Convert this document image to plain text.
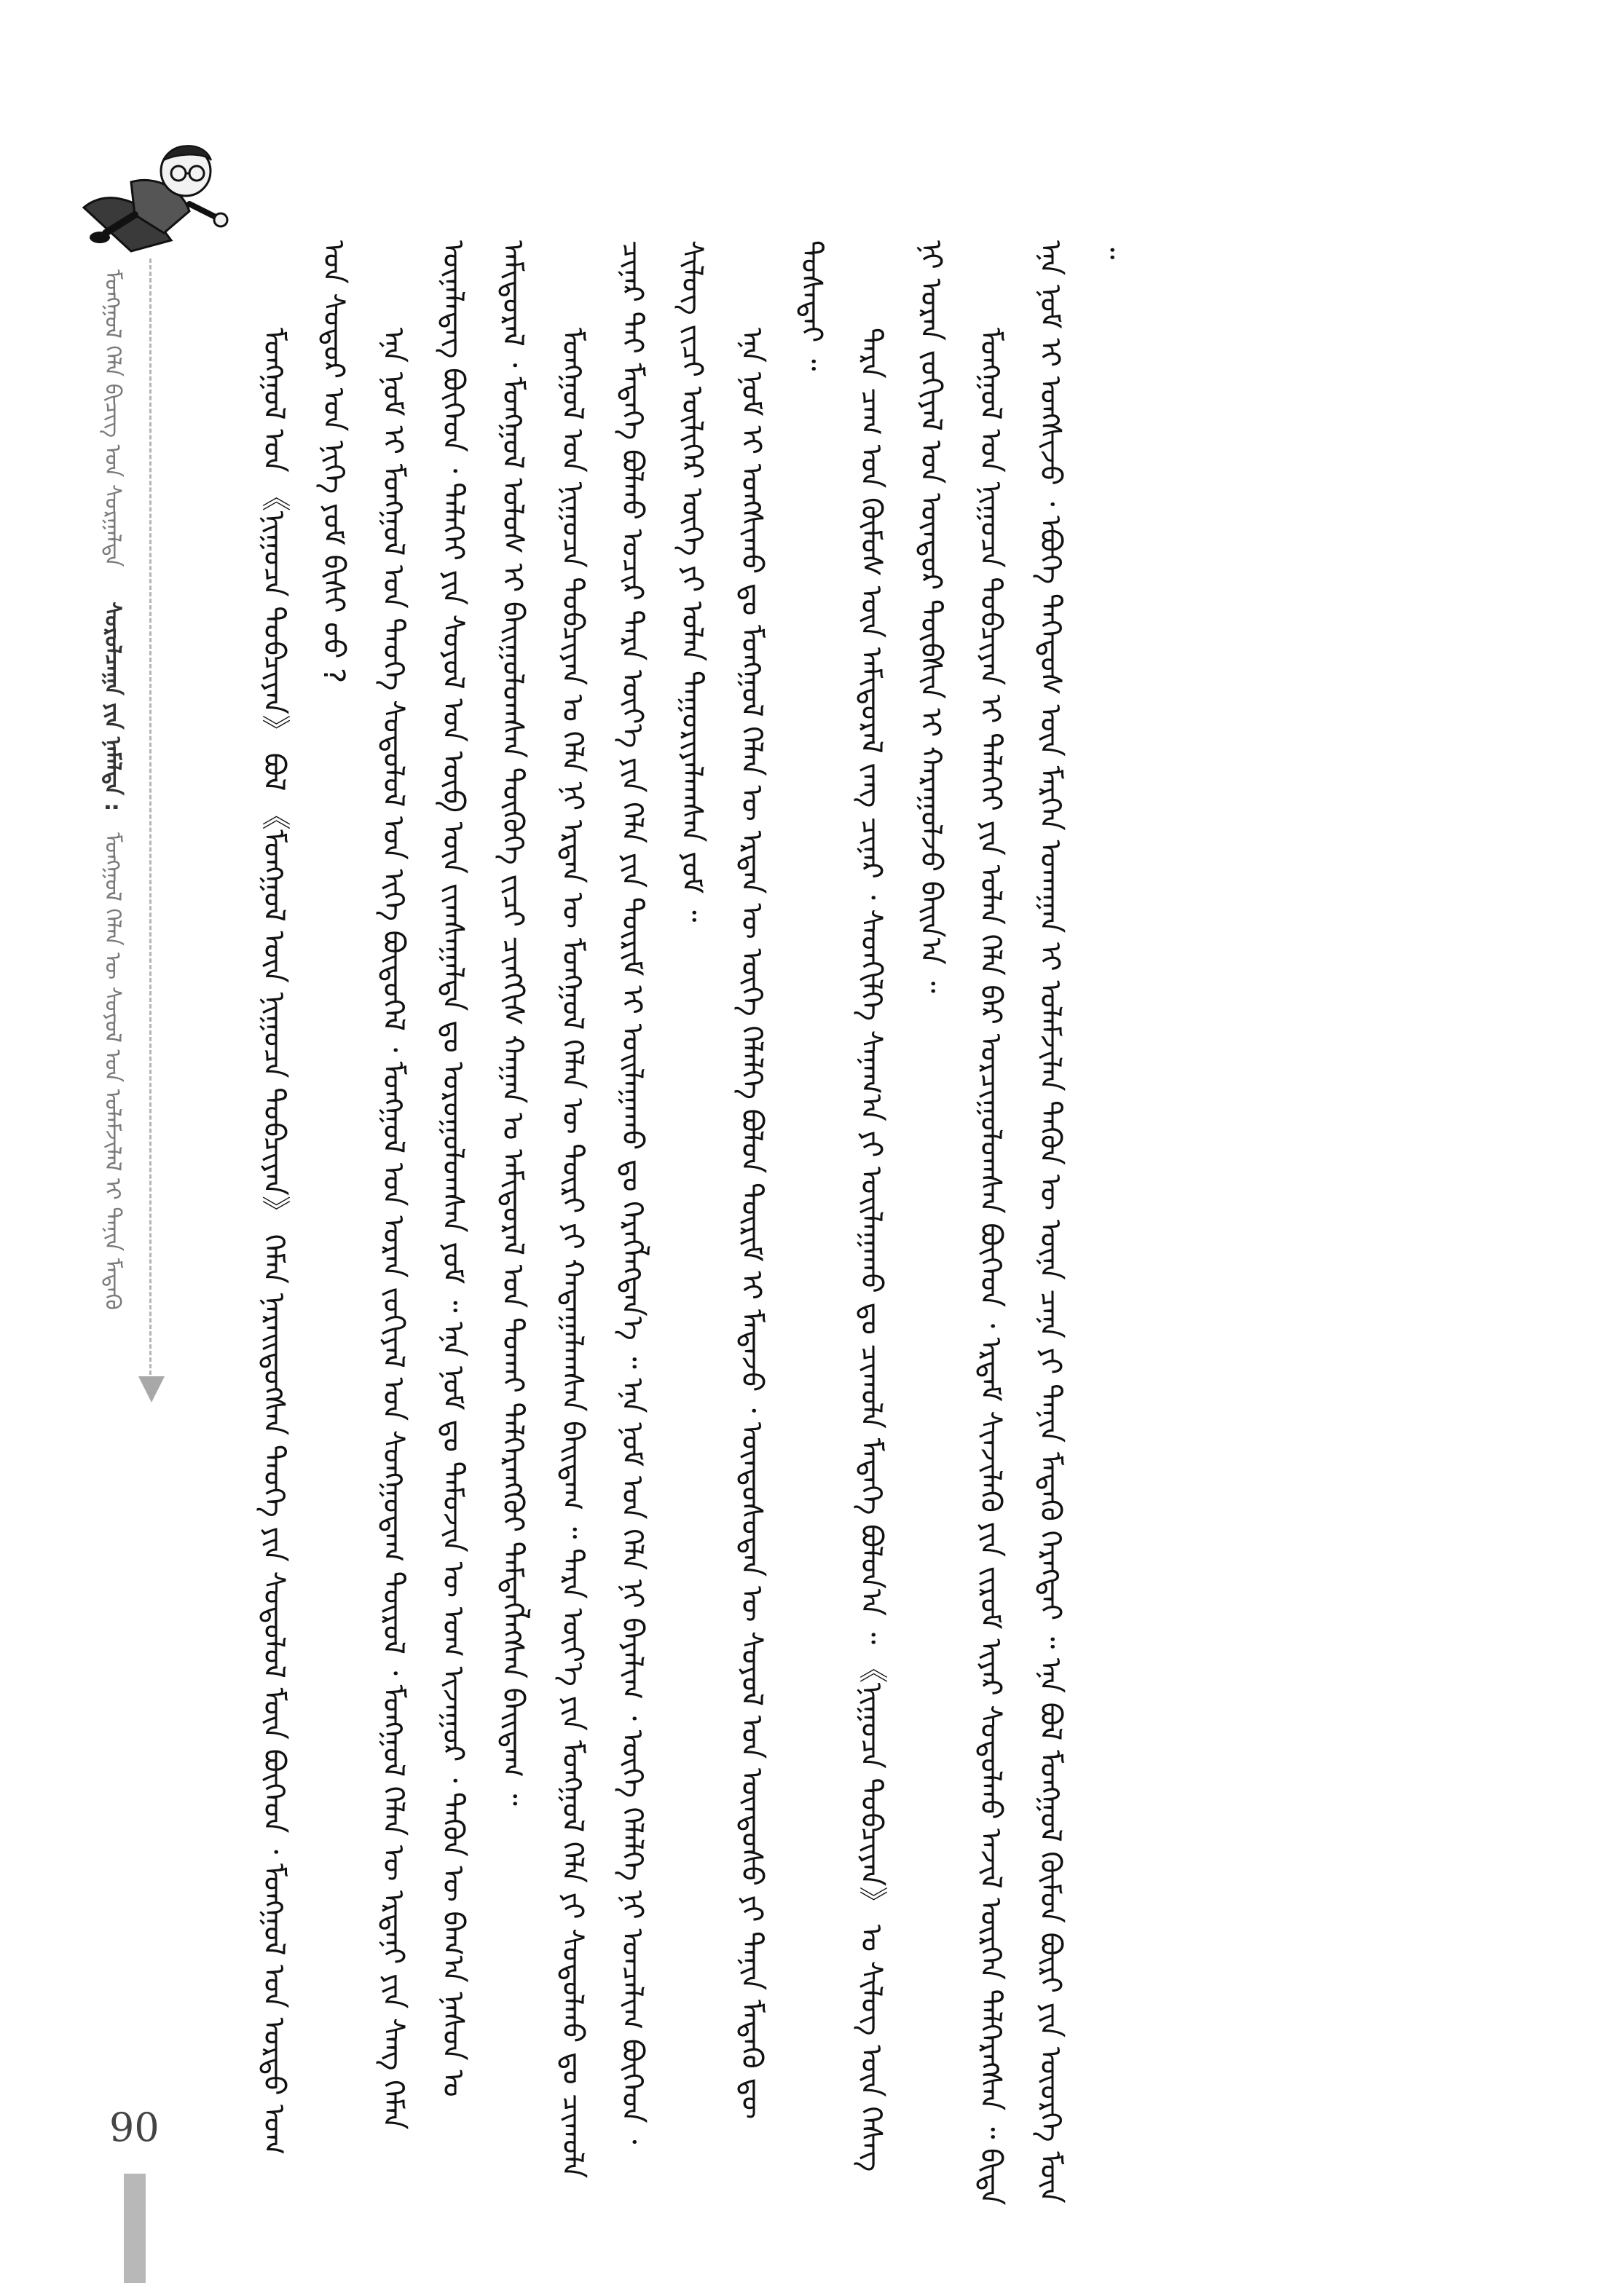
ᠮᠣᠩᠭᠣᠯ ᠬᠡᠯᠡ ᠪᠢᠴᠢᠭ᠌ ᠤᠨ ᠰᠤᠷᠭᠠᠯᠲᠠ     ᠰᠤᠷᠤᠯᠴᠠᠭᠠ ᠶᠢᠨ ᠨᠡᠮᠡᠯᠲᠡ :   ᠮᠣᠩᠭᠣᠯ ᠬᠡᠯᠡᠨ ᠦ ᠰᠣᠶᠣᠯ ᠤᠨ ᠤᠯᠠᠮᠵᠢᠯᠠᠯ ᠢ ᠲᠠᠨᠢᠨ ᠮᠡᠳᠡᠬᠦ	ᠮᠣᠩᠭᠣᠯ ᠤᠨ 《ᠨᠢᠭᠤᠴᠠ ᠲᠣᠪᠴᠢᠶᠠᠨ》 ᠪᠣᠯ 《ᠮᠣᠩᠭᠣᠯ ᠦᠨ ᠨᠢᠭᠤᠴᠠ ᠲᠣᠪᠴᠢᠶᠠᠨ》 ᠬᠡᠮᠡᠨ ᠨᠡᠷᠡᠢᠳᠦᠭᠰᠡᠨ ᠲᠡᠦᠬᠡ ᠶᠢᠨ ᠰᠤᠳᠤᠯᠤᠯ ᠮᠥᠨ ᠪᠥᠭᠡᠳ ᠂ ᠮᠣᠩᠭᠣᠯ ᠤᠨ ᠤᠷᠳᠤ ᠤᠭ ᠤᠨ ᠰᠤᠳᠤᠷ ᠤᠨ ᠨᠢᠭᠡ ᠶᠤᠮ ᠪᠢᠰᠢ ᠦᠦ ? ᠡᠨᠡ ᠨᠣᠮ ᠢ ᠮᠣᠩᠭᠣᠯ ᠤᠨ ᠲᠡᠦᠬᠡ ᠰᠤᠳᠤᠯᠤᠯ ᠤᠨ ᠢᠬᠡ ᠪᠦᠲᠦᠭᠡᠯ ᠂ ᠮᠣᠩᠭᠣᠯ ᠤᠨ ᠤᠷᠠᠨ ᠵᠣᠬᠢᠶᠠᠯ ᠤᠨ ᠰᠣᠩᠭᠣᠳᠠᠭ ᠲᠦᠷᠦᠯ ᠂ ᠮᠣᠩᠭᠣᠯ ᠬᠡᠯᠡᠨ ᠦ ᠡᠷᠳᠡᠨᠢ ᠶᠢᠨ ᠰᠠᠩ ᠬᠡᠮᠡᠨ ᠦᠨᠡᠯᠡᠳᠡᠭ ᠪᠥᠭᠡᠳ ᠂ ᠳᠡᠯᠡᠬᠡᠢ ᠶᠢᠨ ᠰᠣᠶᠣᠯ ᠤᠨ ᠥᠪ ᠦᠨ ᠵᠢᠭᠰᠠᠭᠠᠯᠲᠠ ᠳᠤ ᠣᠷᠤᠭᠤᠯᠤᠭᠰᠠᠨ ᠶᠤᠮ ᠃ ᠡᠨᠡ ᠨᠣᠮ ᠳᠤ ᠲᠡᠮᠦᠵᠢᠨ ᠦ ᠤᠭ ᠢᠵᠠᠭᠤᠷ ᠂ ᠲᠡᠭᠦᠨ ᠦ ᠪᠠᠭ᠎ᠠ ᠨᠠᠰᠤᠨ ᠤ ᠠᠮᠢᠳᠤᠷᠠᠯ ᠂ ᠮᠣᠩᠭᠣᠯ ᠤᠯᠤᠰ ᠢ ᠪᠠᠢᠭᠤᠯᠤᠭᠰᠠᠨ ᠲᠦᠭᠦᠬᠡ ᠵᠢᠴᠢ ᠴᠢᠩᠭᠢᠰ ᠬᠠᠭᠠᠨ ᠤ ᠠᠮᠢᠳᠤᠷᠠᠯ ᠤᠨ ᠲᠤᠬᠠᠢ ᠳᠡᠯᠭᠡᠷᠡᠩᠭᠦᠢ ᠲᠡᠮᠳᠡᠭᠯᠡᠭᠰᠡᠨ ᠪᠠᠢᠳᠠᠭ ᠃ ᠮᠣᠩᠭᠣᠯ ᠤᠨ ᠨᠢᠭᠤᠴᠠ ᠲᠣᠪᠴᠢᠶᠠᠨ ᠤ ᠬᠡᠯᠡ ᠨᠢ ᠡᠷᠲᠡᠨ ᠦ ᠮᠣᠩᠭᠣᠯ ᠬᠡᠯᠡᠨ ᠦ ᠳᠦᠷᠢ ᠶᠢ ᠬᠠᠳᠠᠭᠠᠯᠠᠭᠰᠠᠨ ᠪᠠᠢᠳᠠᠭ ᠃ ᠲᠡᠷᠡ ᠦᠶ᠎ᠡ ᠶᠢᠨ ᠮᠣᠩᠭᠣᠯ ᠬᠡᠯᠡ ᠶᠢ ᠰᠤᠳᠤᠯᠬᠤ ᠳᠤ ᠴᠢᠬᠤᠯᠠ ᠴᠢᠨᠠᠷ ᠲᠠᠢ ᠮᠡᠳᠡᠭᠡ ᠪᠣᠯᠬᠤ ᠤᠴᠢᠷ ᠲᠡᠷᠡ ᠦᠶ᠎ᠡ ᠶᠢᠨ ᠬᠡᠯᠡ ᠶᠢᠨ ᠳᠦᠷᠢᠮ ᠢ ᠣᠢᠯᠠᠭᠠᠬᠤ ᠳᠤ ᠬᠡᠷᠡᠭᠯᠡᠭᠳᠡᠨ᠎ᠡ ᠃ ᠡᠨᠡ ᠨᠣᠮ ᠤᠨ ᠬᠡᠯᠡ ᠨᠢ ᠪᠠᠶᠠᠯᠢᠭ ᠂ ᠦᠭᠡ ᠬᠡᠯᠡᠯᠭᠡ ᠨᠢ ᠣᠨᠴᠠᠯᠢᠭ ᠪᠥᠭᠡᠳ ᠂ ᠰᠢᠯᠦᠭ ᠵᠢᠴᠢ ᠦᠯᠢᠭᠡᠷ ᠦᠭᠡ ᠶᠢ ᠣᠯᠠᠨ ᠳᠠᠭᠤᠷᠢᠶᠠᠯᠠᠭᠰᠠᠨ ᠶᠤᠮ ᠃ ᠡᠨᠡ ᠨᠣᠮ ᠢ ᠤᠩᠰᠢᠬᠤ ᠳᠤ ᠮᠣᠩᠭᠣᠯ ᠬᠡᠯᠡᠨ ᠦ ᠡᠷᠲᠡᠨ ᠦ ᠦᠭᠡ ᠬᠡᠯᠡᠯᠭᠡ ᠪᠣᠯᠣᠨ ᠳᠦᠷᠢᠮ ᠢ ᠮᠡᠳᠡᠵᠦ ᠂ ᠦᠨᠳᠦᠰᠦᠲᠡᠨ ᠦ ᠰᠣᠶᠣᠯ ᠤᠨ ᠦᠨᠳᠦᠰᠦ ᠶᠢ ᠲᠠᠨᠢᠨ ᠮᠡᠳᠡᠬᠦ ᠳᠦ ᠲᠤᠰᠠᠲᠠᠢ ᠃

ᠲᠡᠷᠡ ᠴᠠᠭ ᠤᠨ ᠬᠦᠮᠦᠰ ᠦᠨ ᠠᠮᠢᠳᠤᠷᠠᠯ ᠵᠠᠩ ᠴᠢᠨᠠᠷ ᠂ ᠰᠡᠳᠬᠢᠯᠭᠡ ᠰᠠᠨᠠᠭ᠎ᠠ ᠶᠢ ᠣᠢᠯᠠᠭᠠᠬᠤ ᠳᠤ ᠴᠢᠬᠤᠯᠠ ᠮᠡᠳᠡᠭᠡ ᠪᠣᠯᠣᠨ᠎ᠠ ᠃ 《ᠨᠢᠭᠤᠴᠠ ᠲᠣᠪᠴᠢᠶᠠᠨ》 ᠤ ᠰᠢᠯᠦᠭ ᠦᠨ ᠬᠡᠰᠡᠭ ᠨᠢ ᠤᠷᠠᠨ ᠵᠣᠬᠢᠶᠠᠯ ᠤᠨ ᠥᠨᠳᠥᠷ ᠲᠦᠪᠰᠢᠨ ᠢ ᠬᠠᠷᠠᠭᠤᠯᠵᠤ ᠪᠠᠢᠨ᠎ᠠ ᠃ ᠮᠣᠩᠭᠣᠯ ᠤᠨ ᠨᠢᠭᠤᠴᠠ ᠲᠣᠪᠴᠢᠶᠠᠨ ᠢ ᠳᠡᠯᠡᠬᠡᠢ ᠶᠢᠨ ᠣᠯᠠᠨ ᠬᠡᠯᠡ ᠪᠡᠷ ᠣᠷᠴᠢᠭᠤᠯᠤᠭᠰᠠᠨ ᠪᠥᠭᠡᠳ ᠂ ᠡᠷᠳᠡᠮ ᠰᠢᠨᠵᠢᠯᠡᠬᠦ ᠶᠢᠨ ᠵᠢᠷᠤᠮ ᠢᠶᠠᠷ ᠰᠤᠳᠤᠯᠬᠤ ᠠᠵᠢᠯ ᠥᠷᠭᠡᠨ ᠳᠡᠯᠭᠡᠷᠡᠭᠰᠡᠨ ᠃ ᠪᠢᠳᠡ ᠡᠨᠡ ᠨᠣᠮ ᠢ ᠤᠩᠰᠢᠵᠤ ᠂ ᠡᠪᠦᠭᠡ ᠳᠡᠭᠡᠳᠦᠰ ᠦᠨ ᠮᠡᠷᠭᠡᠨ ᠤᠬᠠᠭᠠᠨ ᠢ ᠤᠯᠠᠮᠵᠢᠯᠠᠨ ᠲᠡᠭᠦᠨ ᠦ ᠦᠨᠡ ᠴᠡᠨᠡ ᠶᠢ ᠲᠠᠨᠢᠨ ᠮᠡᠳᠡᠬᠦ ᠬᠡᠷᠡᠭᠲᠡᠢ ᠃ ᠡᠨᠡ ᠪᠣᠯ ᠮᠣᠩᠭᠣᠯ ᠬᠦᠮᠦᠨ ᠪᠦᠷᠢ ᠶᠢᠨ ᠦᠦᠷᠭᠡ ᠮᠥᠨ ᠃

90
